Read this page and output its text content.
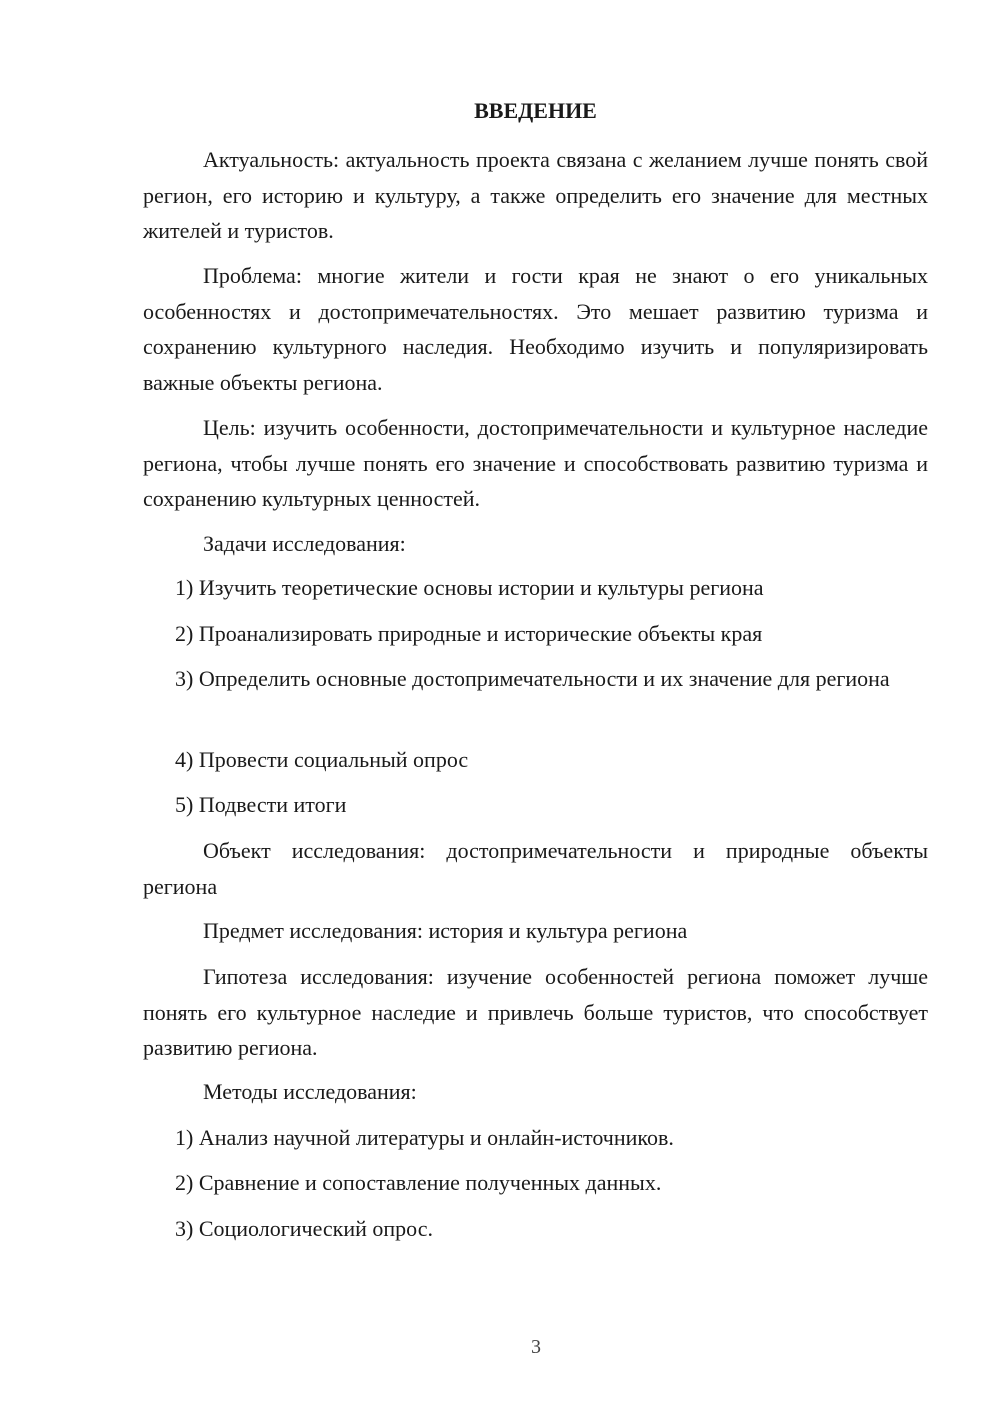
ВВЕДЕНИЕ

Актуальность: актуальность проекта связана с желанием лучше понять свой регион, его историю и культуру, а также определить его значение для местных жителей и туристов.

Проблема: многие жители и гости края не знают о его уникальных особенностях и достопримечательностях. Это мешает развитию туризма и сохранению культурного наследия. Необходимо изучить и популяризировать важные объекты региона.

Цель: изучить особенности, достопримечательности и культурное наследие региона, чтобы лучше понять его значение и способствовать развитию туризма и сохранению культурных ценностей.

Задачи исследования:

1) Изучить теоретические основы истории и культуры региона

2) Проанализировать природные и исторические объекты края

3) Определить основные достопримечательности и их значение для региона

4) Провести социальный опрос

5) Подвести итоги

Объект исследования: достопримечательности и природные объекты региона

Предмет исследования: история и культура региона

Гипотеза исследования: изучение особенностей региона поможет лучше понять его культурное наследие и привлечь больше туристов, что способствует развитию региона.

Методы исследования:

1) Анализ научной литературы и онлайн-источников.

2) Сравнение и сопоставление полученных данных.

3) Социологический опрос.

3
